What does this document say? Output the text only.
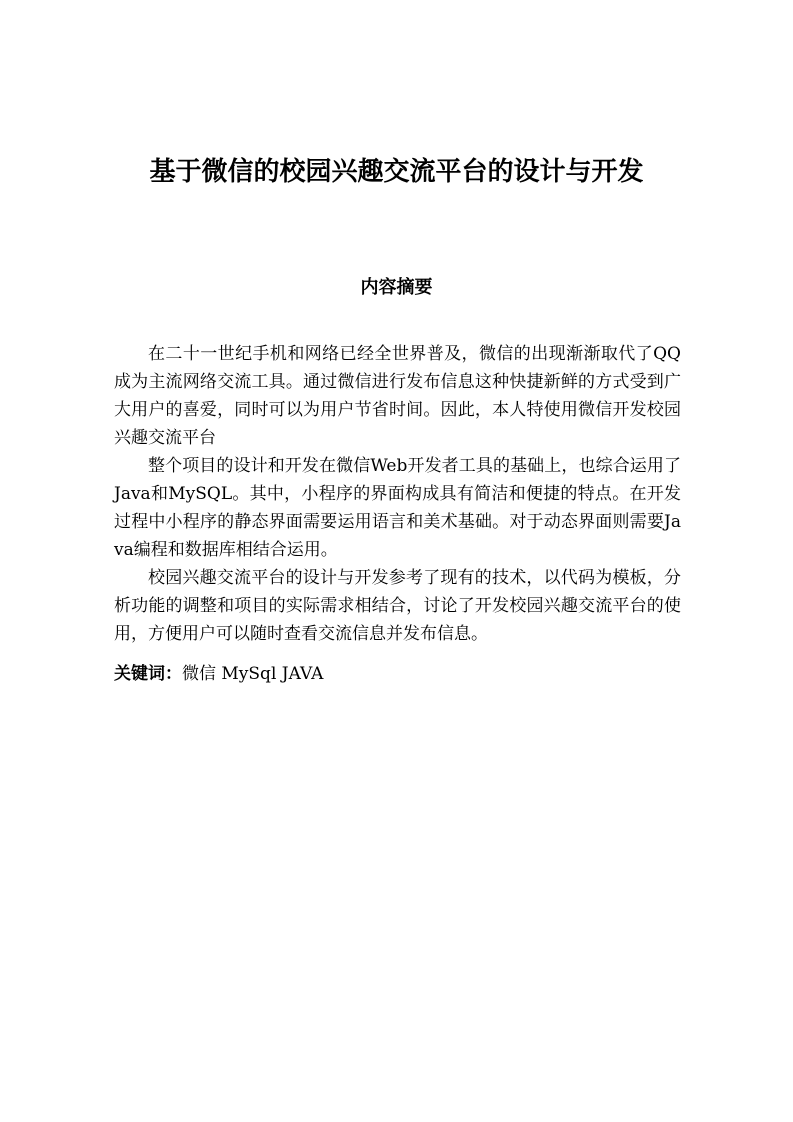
基于微信的校园兴趣交流平台的设计与开发
内容摘要

在二十一世纪手机和网络已经全世界普及，微信的出现渐渐取代了QQ成为主流网络交流工具。通过微信进行发布信息这种快捷新鲜的方式受到广大用户的喜爱，同时可以为用户节省时间。因此，本人特使用微信开发校园兴趣交流平台

整个项目的设计和开发在微信Web开发者工具的基础上，也综合运用了Java和MySQL。其中，小程序的界面构成具有简洁和便捷的特点。在开发过程中小程序的静态界面需要运用语言和美术基础。对于动态界面则需要Java编程和数据库相结合运用。

校园兴趣交流平台的设计与开发参考了现有的技术，以代码为模板，分析功能的调整和项目的实际需求相结合，讨论了开发校园兴趣交流平台的使用，方便用户可以随时查看交流信息并发布信息。

关键词：微信 MySql JAVA
